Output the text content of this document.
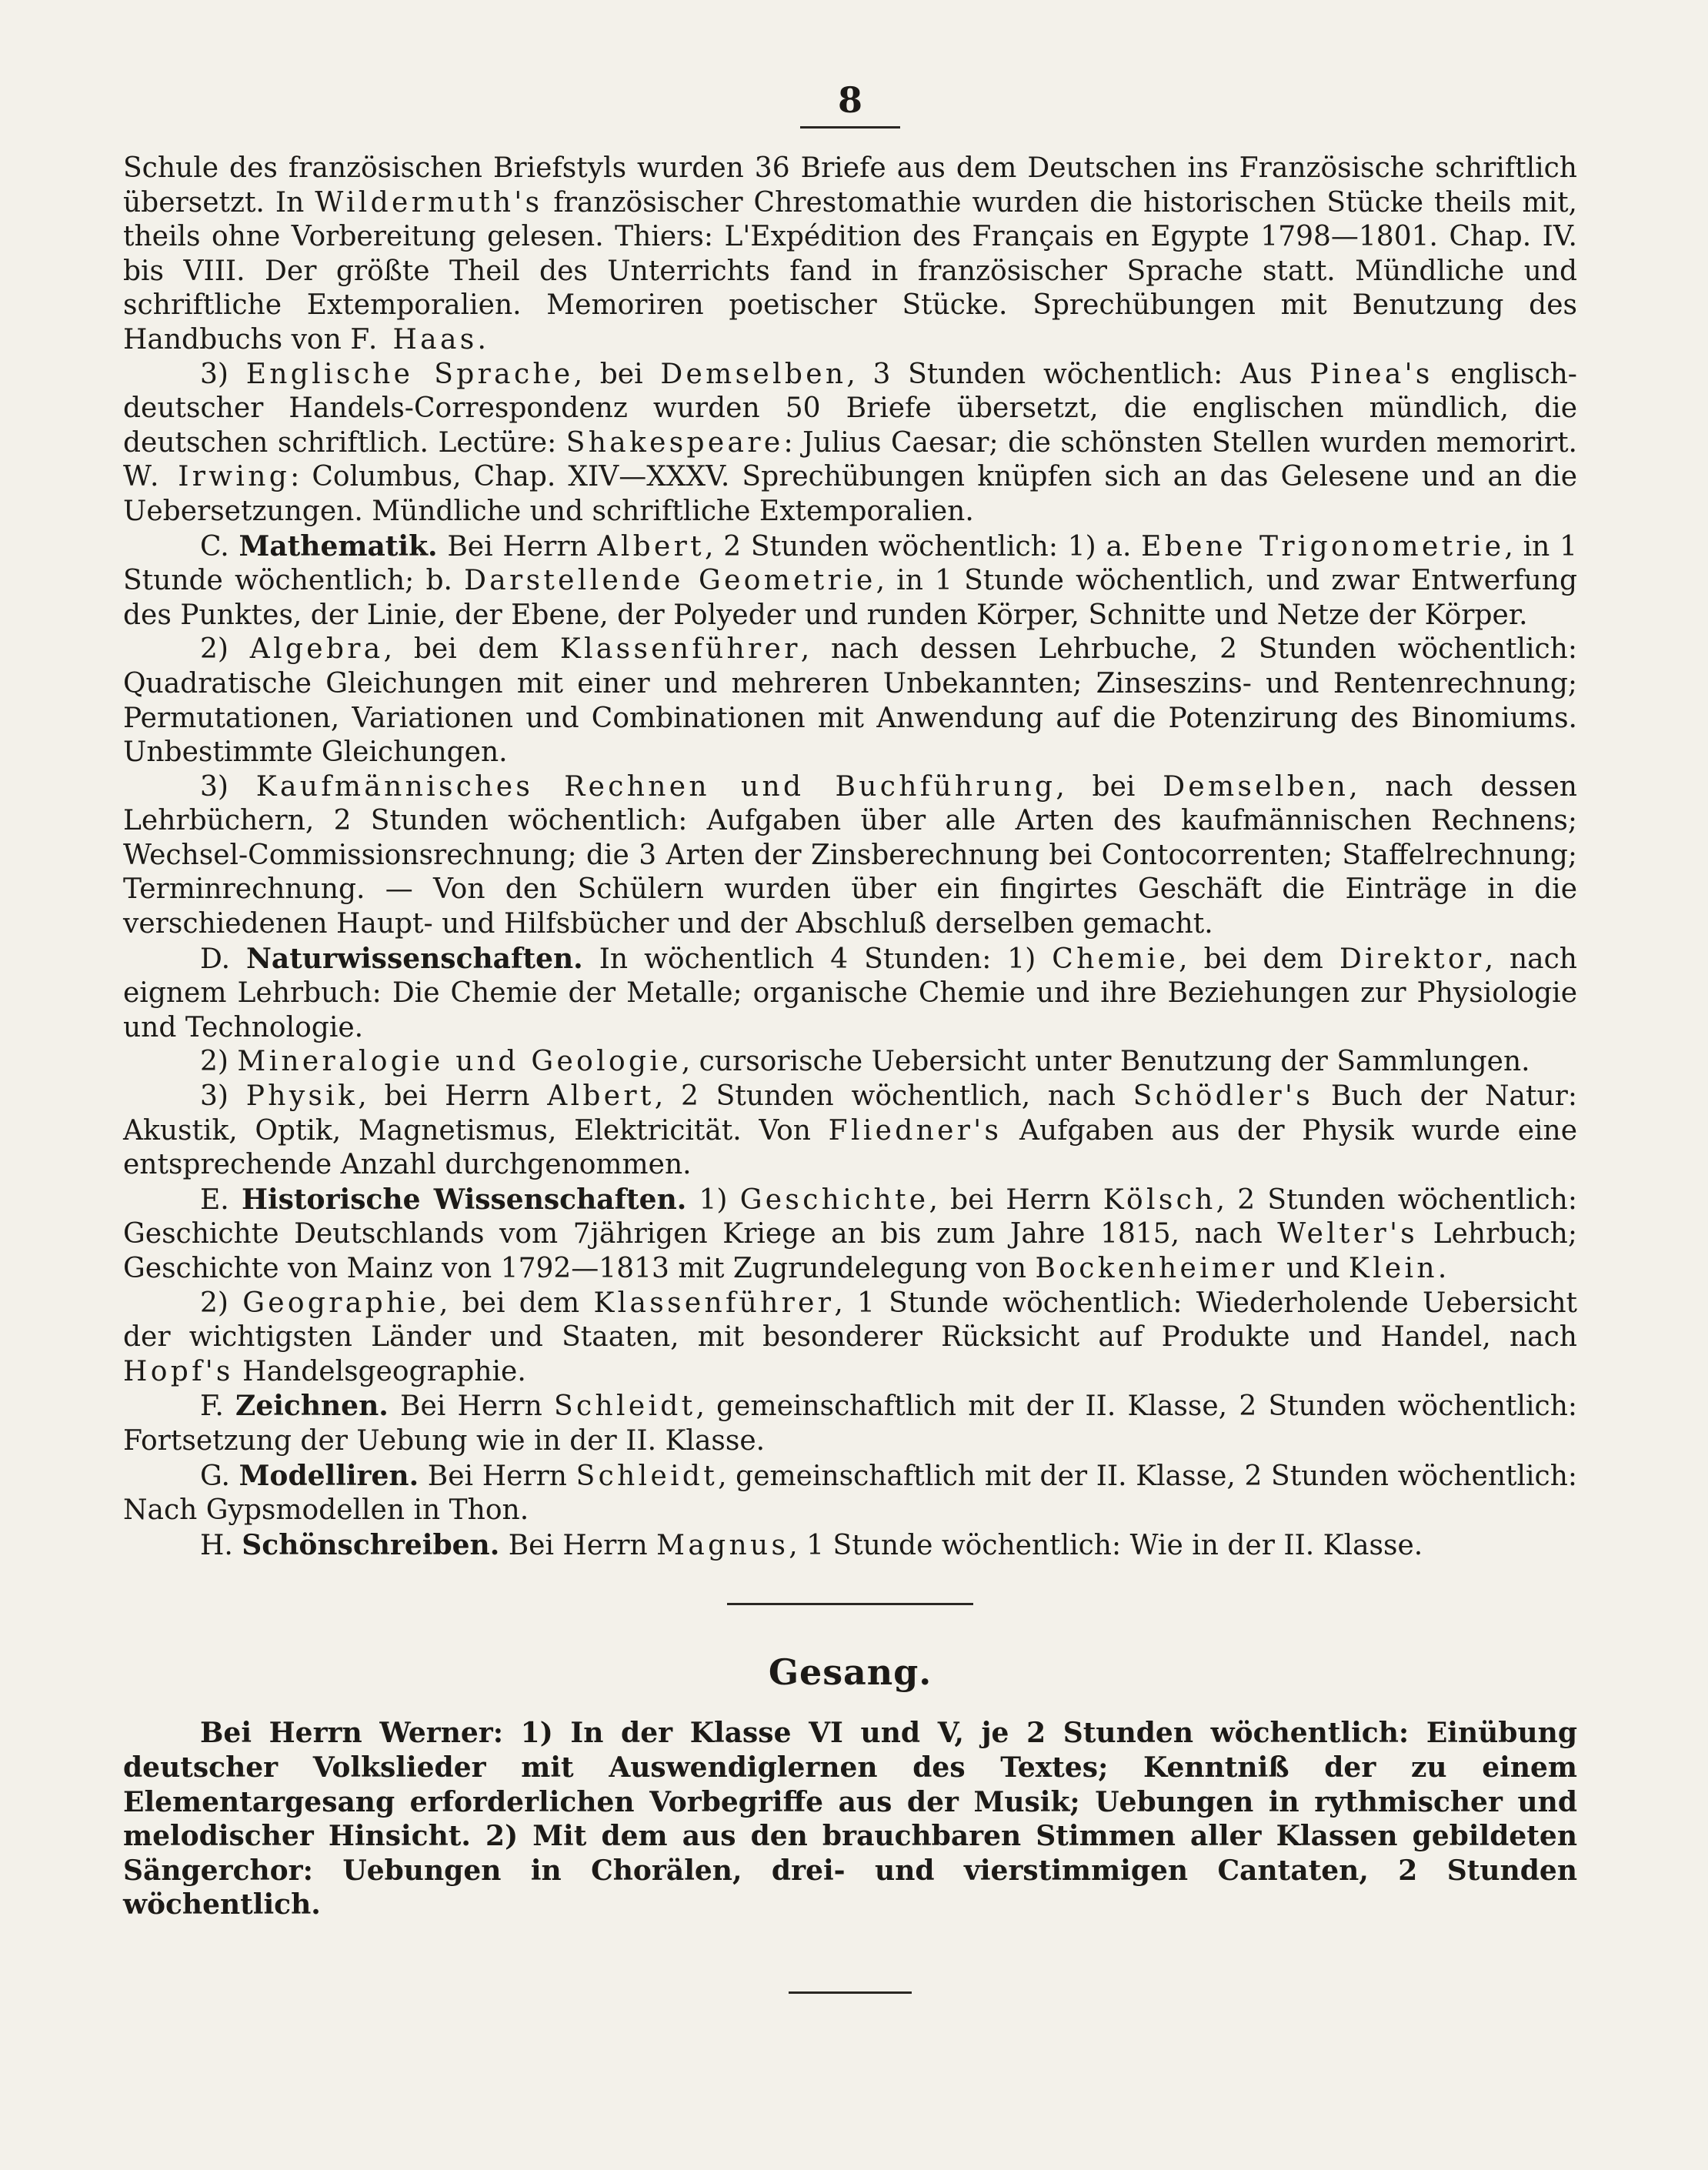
8

Schule des französischen Briefstyls wurden 36 Briefe aus dem Deutschen ins Französische schriftlich übersetzt. In Wildermuth's französischer Chrestomathie wurden die historischen Stücke theils mit, theils ohne Vorbereitung gelesen. Thiers: L'Expédition des Français en Egypte 1798—1801. Chap. IV. bis VIII. Der größte Theil des Unterrichts fand in französischer Sprache statt. Mündliche und schriftliche Extemporalien. Memoriren poetischer Stücke. Sprechübungen mit Benutzung des Handbuchs von F. Haas.

3) Englische Sprache, bei Demselben, 3 Stunden wöchentlich: Aus Pinea's englisch-deutscher Handels-Correspondenz wurden 50 Briefe übersetzt, die englischen mündlich, die deutschen schriftlich. Lectüre: Shakespeare: Julius Caesar; die schönsten Stellen wurden memorirt. W. Irwing: Columbus, Chap. XIV—XXXV. Sprechübungen knüpfen sich an das Gelesene und an die Uebersetzungen. Mündliche und schriftliche Extemporalien.

C. Mathematik. Bei Herrn Albert, 2 Stunden wöchentlich: 1) a. Ebene Trigonometrie, in 1 Stunde wöchentlich; b. Darstellende Geometrie, in 1 Stunde wöchentlich, und zwar Entwerfung des Punktes, der Linie, der Ebene, der Polyeder und runden Körper, Schnitte und Netze der Körper.

2) Algebra, bei dem Klassenführer, nach dessen Lehrbuche, 2 Stunden wöchentlich: Quadratische Gleichungen mit einer und mehreren Unbekannten; Zinseszins- und Rentenrechnung; Permutationen, Variationen und Combinationen mit Anwendung auf die Potenzirung des Binomiums. Unbestimmte Gleichungen.

3) Kaufmännisches Rechnen und Buchführung, bei Demselben, nach dessen Lehrbüchern, 2 Stunden wöchentlich: Aufgaben über alle Arten des kaufmännischen Rechnens; Wechsel-Commissionsrechnung; die 3 Arten der Zinsberechnung bei Contocorrenten; Staffelrechnung; Terminrechnung. — Von den Schülern wurden über ein fingirtes Geschäft die Einträge in die verschiedenen Haupt- und Hilfsbücher und der Abschluß derselben gemacht.

D. Naturwissenschaften. In wöchentlich 4 Stunden: 1) Chemie, bei dem Direktor, nach eignem Lehrbuch: Die Chemie der Metalle; organische Chemie und ihre Beziehungen zur Physiologie und Technologie.

2) Mineralogie und Geologie, cursorische Uebersicht unter Benutzung der Sammlungen.

3) Physik, bei Herrn Albert, 2 Stunden wöchentlich, nach Schödler's Buch der Natur: Akustik, Optik, Magnetismus, Elektricität. Von Fliedner's Aufgaben aus der Physik wurde eine entsprechende Anzahl durchgenommen.

E. Historische Wissenschaften. 1) Geschichte, bei Herrn Kölsch, 2 Stunden wöchentlich: Geschichte Deutschlands vom 7jährigen Kriege an bis zum Jahre 1815, nach Welter's Lehrbuch; Geschichte von Mainz von 1792—1813 mit Zugrundelegung von Bockenheimer und Klein.

2) Geographie, bei dem Klassenführer, 1 Stunde wöchentlich: Wiederholende Uebersicht der wichtigsten Länder und Staaten, mit besonderer Rücksicht auf Produkte und Handel, nach Hopf's Handelsgeographie.

F. Zeichnen. Bei Herrn Schleidt, gemeinschaftlich mit der II. Klasse, 2 Stunden wöchentlich: Fortsetzung der Uebung wie in der II. Klasse.

G. Modelliren. Bei Herrn Schleidt, gemeinschaftlich mit der II. Klasse, 2 Stunden wöchentlich: Nach Gypsmodellen in Thon.

H. Schönschreiben. Bei Herrn Magnus, 1 Stunde wöchentlich: Wie in der II. Klasse.

Gesang.

Bei Herrn Werner: 1) In der Klasse VI und V, je 2 Stunden wöchentlich: Einübung deutscher Volkslieder mit Auswendiglernen des Textes; Kenntniß der zu einem Elementargesang erforderlichen Vorbegriffe aus der Musik; Uebungen in rythmischer und melodischer Hinsicht. 2) Mit dem aus den brauchbaren Stimmen aller Klassen gebildeten Sängerchor: Uebungen in Chorälen, drei- und vierstimmigen Cantaten, 2 Stunden wöchentlich.
